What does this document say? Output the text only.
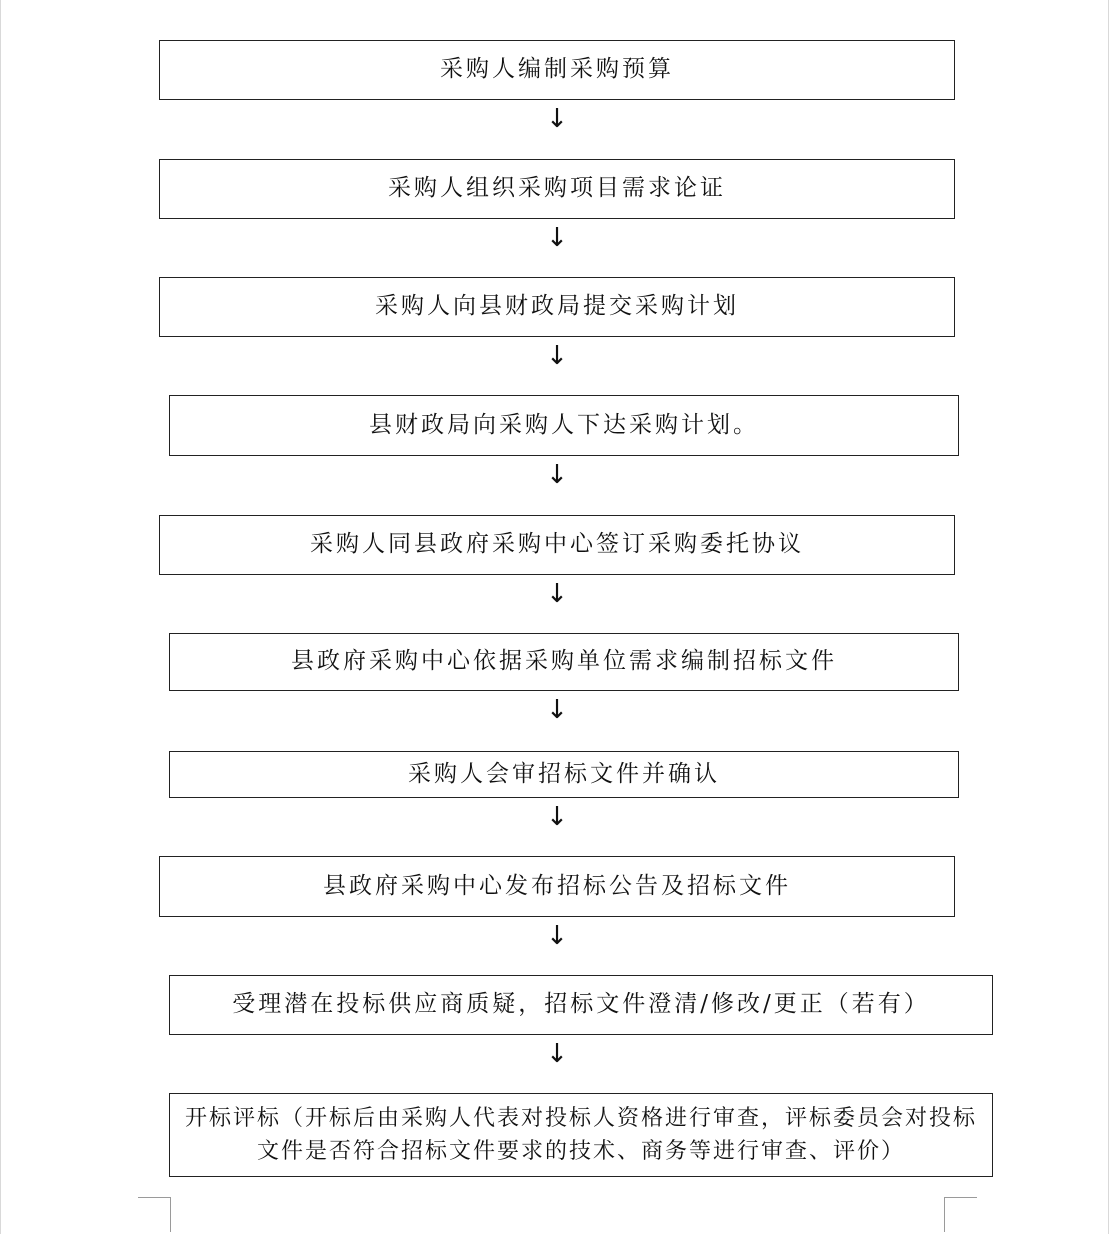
采购人编制采购预算
↓
采购人组织采购项目需求论证
↓
采购人向县财政局提交采购计划
↓
县财政局向采购人下达采购计划。
↓
采购人同县政府采购中心签订采购委托协议
↓
县政府采购中心依据采购单位需求编制招标文件
↓
采购人会审招标文件并确认
↓
县政府采购中心发布招标公告及招标文件
↓
受理潜在投标供应商质疑，招标文件澄清/修改/更正（若有）
↓
开标评标（开标后由采购人代表对投标人资格进行审查，评标委员会对投标文件是否符合招标文件要求的技术、商务等进行审查、评价）
